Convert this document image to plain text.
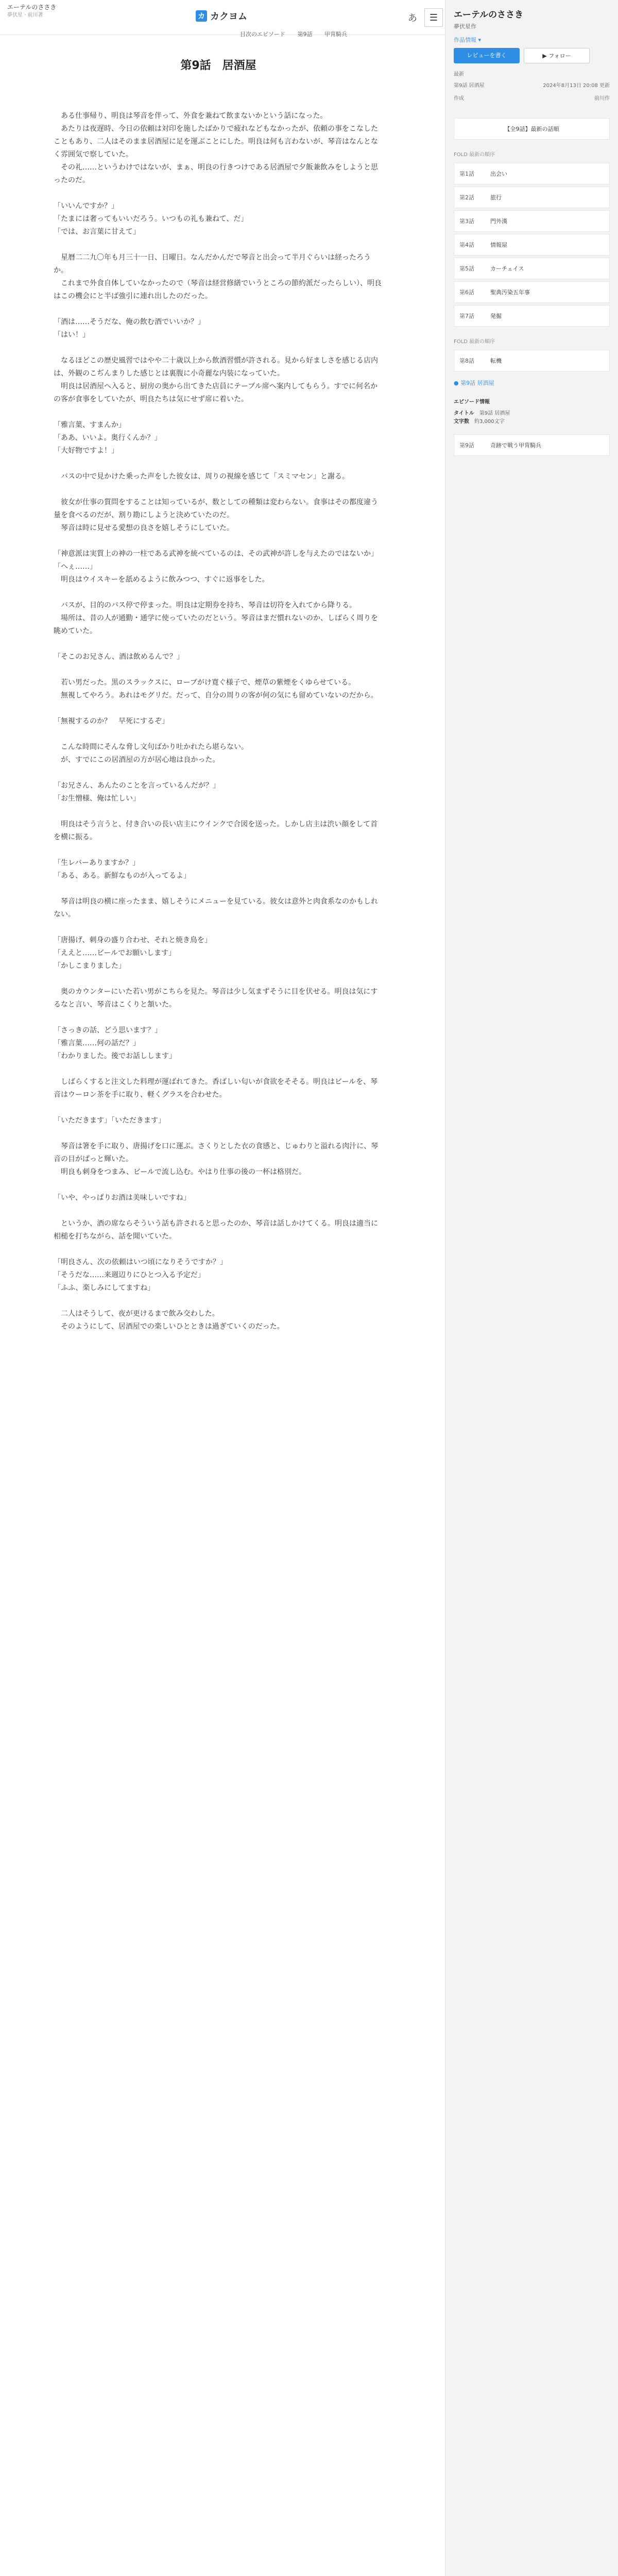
エーテルのささき
夢伏星 · 前川著	カ カクヨム	あ	☰
目次のエピソード 第9話 甲冑騎兵
エーテルのささき
夢伏星作
作品情報 ▾
レビューを書く	▶ フォロー
最新
第9話 居酒屋	2024年8月13日 20:08 更新
作成	前川作
【全9話】最新の話順
FOLD 最新の順序
第1話	出会い
第2話	旅行
第3話	門外漢
第4話	情報屋
第5話	カーチェイス
第6話	聖典汚染五年事
第7話	発掘
FOLD 最新の順序
第8話	転機
● 第9話 居酒屋
エピソード情報
タイトル 第9話 居酒屋
文字数 約3,000文字
第9話	奇跡で戦う甲冑騎兵
第9話　居酒屋
　ある仕事帰り、明良は琴音を伴って、外食を兼ねて飲まないかという話になった。
　あたりは夜遅時、今日の依頼は対印を施したばかりで疲れなどもなかったが、依頼の事をこなしたこともあり、二人はそのまま居酒屋に足を運ぶことにした。明良は何も言わないが、琴音はなんとなく雰囲気で察していた。
　その礼……というわけではないが、まぁ、明良の行きつけである居酒屋で夕飯兼飲みをしようと思ったのだ。
「いいんですか？」
「たまには奢ってもいいだろう。いつもの礼も兼ねて、だ」
「では、お言葉に甘えて」
　星暦二二九〇年も月三十一日、日曜日。なんだかんだで琴音と出会って半月ぐらいは経ったろうか。
　これまで外食自体していなかったので（琴音は経営修繕でいうところの節約派だったらしい）、明良はこの機会にと半ば強引に連れ出したのだった。
「酒は……そうだな、俺の飲む酒でいいか？」
「はい！」
　なるほどこの歴史風習ではやや二十歳以上から飲酒習慣が許される。見から好ましさを感じる店内は、外観のこぢんまりした感じとは裏腹に小奇麗な内装になっていた。
　明良は居酒屋へ入ると、厨房の奥から出てきた店員にテーブル席へ案内してもらう。すでに何名かの客が食事をしていたが、明良たちは気にせず席に着いた。
「雅言葉、すまんか」
「ああ、いいよ。奥行くんか？」
「大好物ですよ！」
　バスの中で見かけた乗った声をした彼女は、周りの視線を感じて「スミマセン」と謝る。
　彼女が仕事の質問をすることは知っているが、数としての種類は変わらない。食事はその都度違う量を食べるのだが、割り勘にしようと決めていたのだ。
　琴音は時に見せる愛想の良さを嬉しそうにしていた。
「神意派は実質上の神の一柱である武神を統べているのは、その武神が許しを与えたのではないか」
「へぇ……」
　明良はウイスキーを舐めるように飲みつつ、すぐに返事をした。
　バスが、目的のバス停で停まった。明良は定期券を持ち、琴音は切符を入れてから降りる。
　場所は、昔の人が通勤・通学に使っていたのだという。琴音はまだ慣れないのか、しばらく周りを眺めていた。
「そこのお兄さん、酒は飲めるんで？」
　若い男だった。黒のスラックスに、ローブがけ寛ぐ様子で、煙草の紫煙をくゆらせている。
　無視してやろう。あれはモグリだ。だって、自分の周りの客が何の気にも留めていないのだから。
「無視するのか？　早死にするぞ」
　こんな時間にそんな脅し文句ばかり吐かれたら堪らない。
　が、すでにこの居酒屋の方が居心地は良かった。
「お兄さん、あんたのことを言っているんだが？」
「お生憎様、俺は忙しい」
　明良はそう言うと、付き合いの長い店主にウインクで合図を送った。しかし店主は渋い顔をして首を横に振る。
「生レバーありますか？」
「ある、ある。新鮮なものが入ってるよ」
　琴音は明良の横に座ったまま、嬉しそうにメニューを見ている。彼女は意外と肉食系なのかもしれない。
「唐揚げ、刺身の盛り合わせ、それと焼き鳥を」
「ええと……ビールでお願いします」
「かしこまりました」
　奥のカウンターにいた若い男がこちらを見た。琴音は少し気まずそうに目を伏せる。明良は気にするなと言い、琴音はこくりと頷いた。
「さっきの話、どう思います？」
「雅言葉……何の話だ？」
「わかりました。後でお話しします」
　しばらくすると注文した料理が運ばれてきた。香ばしい匂いが食欲をそそる。明良はビールを、琴音はウーロン茶を手に取り、軽くグラスを合わせた。
「いただきます」「いただきます」
　琴音は箸を手に取り、唐揚げを口に運ぶ。さくりとした衣の食感と、じゅわりと溢れる肉汁に、琴音の目がぱっと輝いた。
　明良も刺身をつまみ、ビールで流し込む。やはり仕事の後の一杯は格別だ。
「いや、やっぱりお酒は美味しいですね」
　というか、酒の席ならそういう話も許されると思ったのか、琴音は話しかけてくる。明良は適当に相槌を打ちながら、話を聞いていた。
「明良さん、次の依頼はいつ頃になりそうですか？」
「そうだな……来週辺りにひとつ入る予定だ」
「ふふ、楽しみにしてますね」
　二人はそうして、夜が更けるまで飲み交わした。
　そのようにして、居酒屋での楽しいひとときは過ぎていくのだった。
